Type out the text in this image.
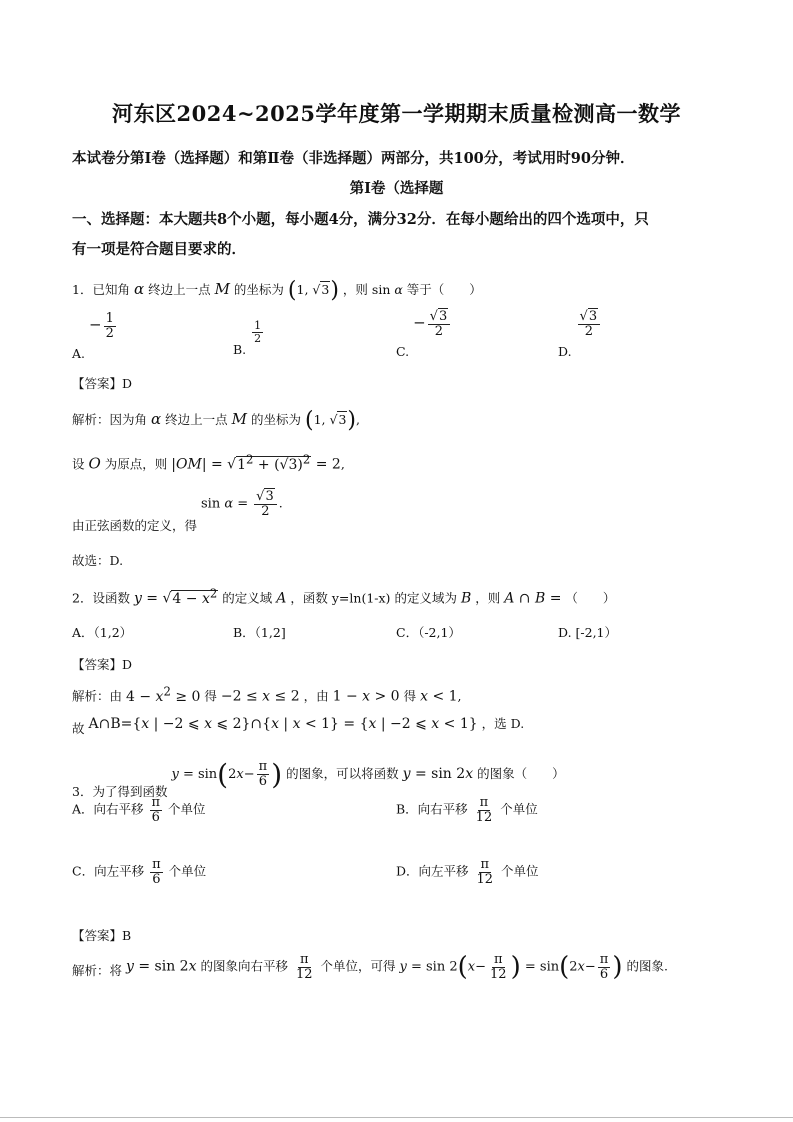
河东区2024~2025学年度第一学期期末质量检测高一数学
本试卷分第Ⅰ卷（选择题）和第Ⅱ卷（非选择题）两部分，共100分，考试用时90分钟．
第Ⅰ卷（选择题
一、选择题：本大题共8个小题，每小题4分，满分32分．在每小题给出的四个选项中，只
有一项是符合题目要求的．
1．已知角 α 终边上一点 M 的坐标为 (1, √3) ，则 sin α 等于（　　）
A. − $\frac{1}{2}$
B.
$\frac{1}{2}$
C. − $\frac{√3}{2}$
D.
$\frac{√3}{2}$
【答案】D
解析：因为角 α 终边上一点 M 的坐标为 (1, √3),
设 O 为原点，则 $|OM| = √1^2 + (√3)^2 = 2$,
由正弦函数的定义，得 $\sin \alpha = \frac{√3}{2}$ .
故选：D.
2．设函数 $y = √4 - x^2$ 的定义域 A ，函数 y=ln(1-x) 的定义域为 B ，则 A ∩ B = （　　）
A．（1,2）	B．（1,2]	C．（-2,1）	D. [-2,1）
【答案】D
解析：由 $4 - x^2 \ge 0$ 得 −2 ≤ x ≤ 2 ，由 1 − x > 0 得 x < 1,
故 A∩B={x | −2 ⩽ x ⩽ 2}∩{x | x < 1} = {x | −2 ⩽ x < 1} ，选 D.
3．为了得到函数 $y = \sin(2x- \frac{\pi}{6}$ ) 的图象，可以将函数 y = sin 2x 的图象（　　）
A．向右平移 $\frac{\pi}{6}$ 个单位	B．向右平移 $\frac{\pi}{12}$ 个单位
C．向左平移 $\frac{\pi}{6}$ 个单位	D．向左平移 $\frac{\pi}{12}$ 个单位
【答案】B
解析：将 y = sin 2x 的图象向右平移 $\frac{\pi}{12}$ 个单位，可得 $y = \sin 2(x- \frac{\pi}{12}$ ) = $\sin(2x- \frac{\pi}{6}$ ) 的图象.
